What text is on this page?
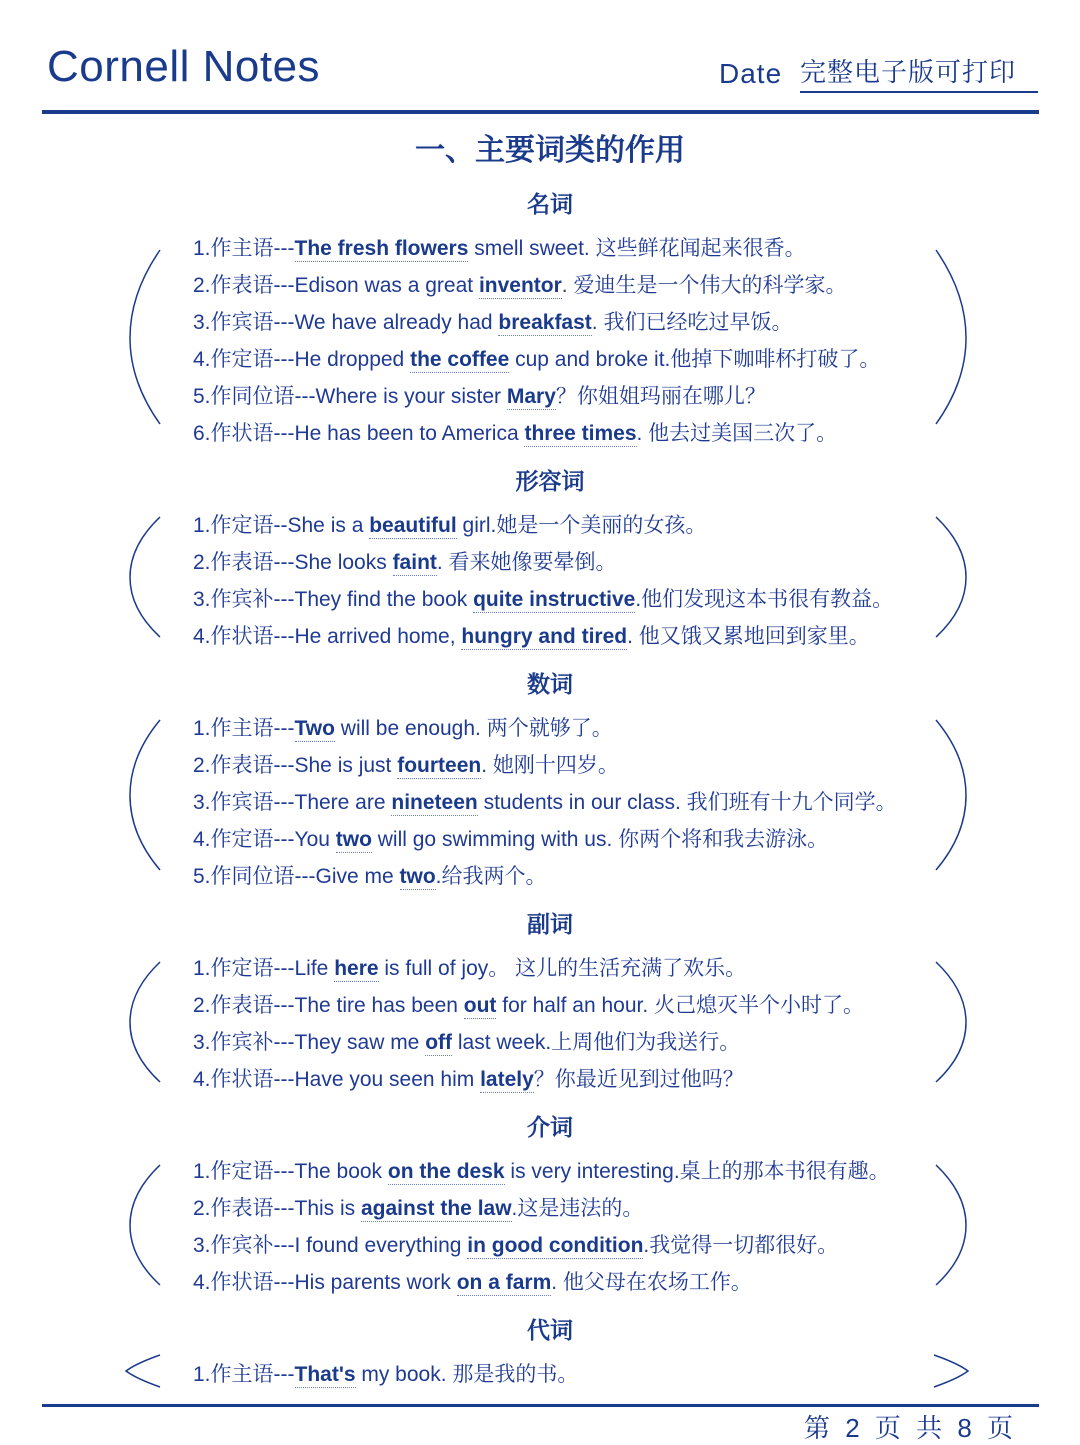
Cornell Notes	Date 完整电子版可打印
一、主要词类的作用
名词
1.作主语---The fresh flowers smell sweet. 这些鲜花闻起来很香。
2.作表语---Edison was a great inventor. 爱迪生是一个伟大的科学家。
3.作宾语---We have already had breakfast. 我们已经吃过早饭。
4.作定语---He dropped the coffee cup and broke it.他掉下咖啡杯打破了。
5.作同位语---Where is your sister Mary？你姐姐玛丽在哪儿？
6.作状语---He has been to America three times. 他去过美国三次了。
形容词
1.作定语--She is a beautiful girl.她是一个美丽的女孩。
2.作表语---She looks faint. 看来她像要晕倒。
3.作宾补---They find the book quite instructive.他们发现这本书很有教益。
4.作状语---He arrived home, hungry and tired. 他又饿又累地回到家里。
数词
1.作主语---Two will be enough. 两个就够了。
2.作表语---She is just fourteen. 她刚十四岁。
3.作宾语---There are nineteen students in our class. 我们班有十九个同学。
4.作定语---You two will go swimming with us. 你两个将和我去游泳。
5.作同位语---Give me two.给我两个。
副词
1.作定语---Life here is full of joy。 这儿的生活充满了欢乐。
2.作表语---The tire has been out for half an hour. 火己熄灭半个小时了。
3.作宾补---They saw me off last week.上周他们为我送行。
4.作状语---Have you seen him lately？你最近见到过他吗？
介词
1.作定语---The book on the desk is very interesting.桌上的那本书很有趣。
2.作表语---This is against the law.这是违法的。
3.作宾补---I found everything in good condition.我觉得一切都很好。
4.作状语---His parents work on a farm. 他父母在农场工作。
代词
1.作主语---That's my book. 那是我的书。
第 2 页 共 8 页
